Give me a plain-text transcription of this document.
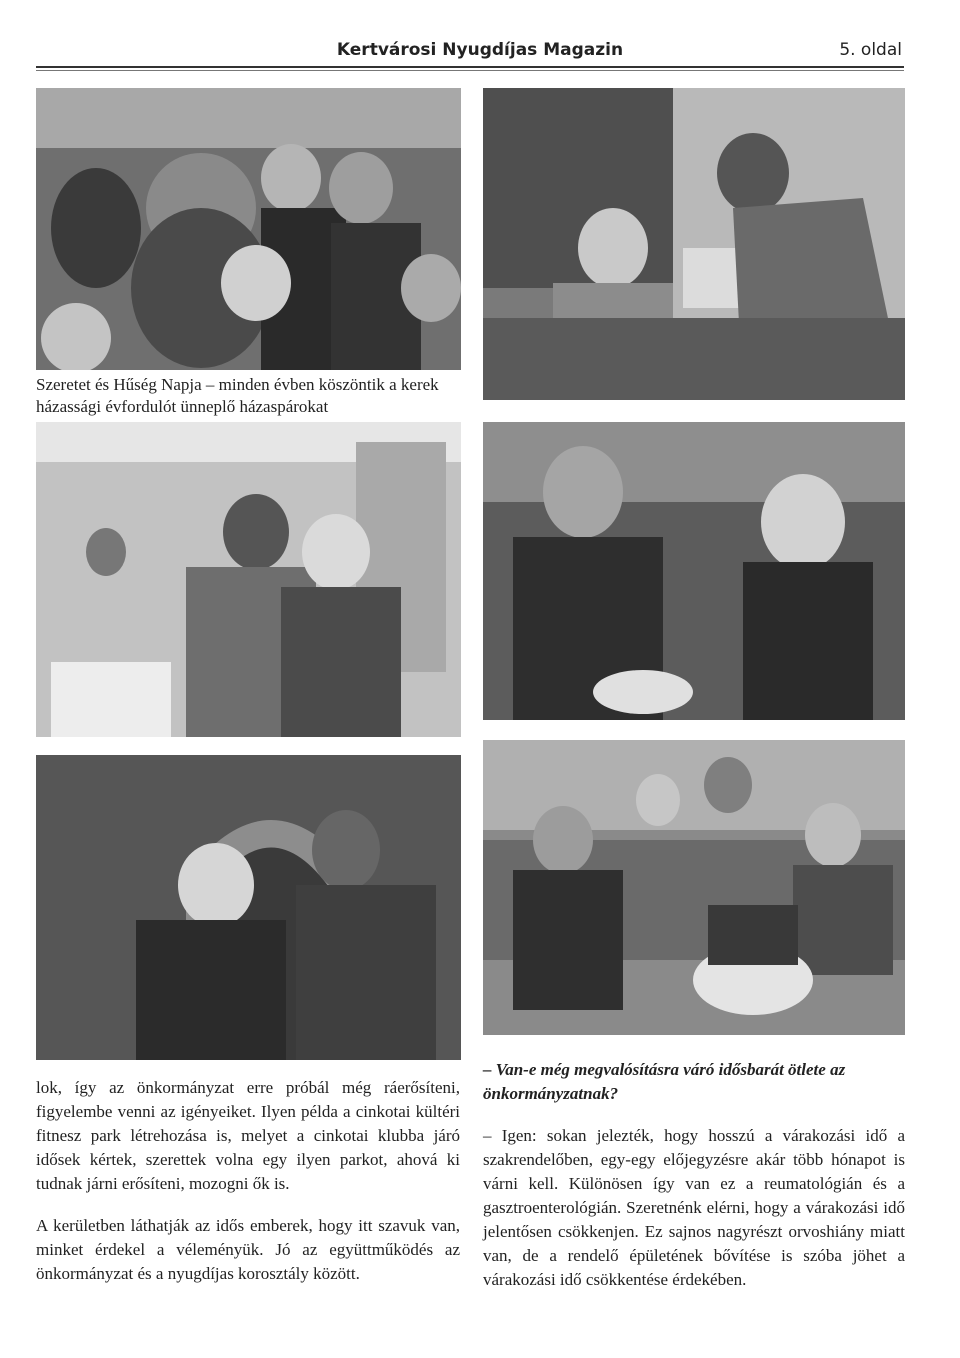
Kertvárosi Nyugdíjas Magazin	5. oldal
Szeretet és Hűség Napja – minden évben köszöntik a kerek házassági évfordulót ünneplő házaspárokat

lok, így az önkormányzat erre próbál még ráerősíteni, figyelembe venni az igényeiket. Ilyen példa a cinkotai kültéri fitnesz park létrehozása is, melyet a cinkotai klubba járó idősek kértek, szerettek volna egy ilyen parkot, ahová ki tudnak járni erősíteni, mozogni ők is.

A kerületben láthatják az idős emberek, hogy itt szavuk van, minket érdekel a véleményük. Jó az együttműködés az önkormányzat és a nyugdíjas korosztály között.

– Van-e még megvalósításra váró idősbarát ötlete az önkormányzatnak?

– Igen: sokan jelezték, hogy hosszú a várakozási idő a szakrendelőben, egy-egy előjegyzésre akár több hónapot is várni kell. Különösen így van ez a reumatológián és a gasztroenterológián. Szeretnénk elérni, hogy a várakozási idő jelentősen csökkenjen. Ez sajnos nagyrészt orvoshiány miatt van, de a rendelő épületének bővítése is szóba jöhet a várakozási idő csökkentése érdekében.
